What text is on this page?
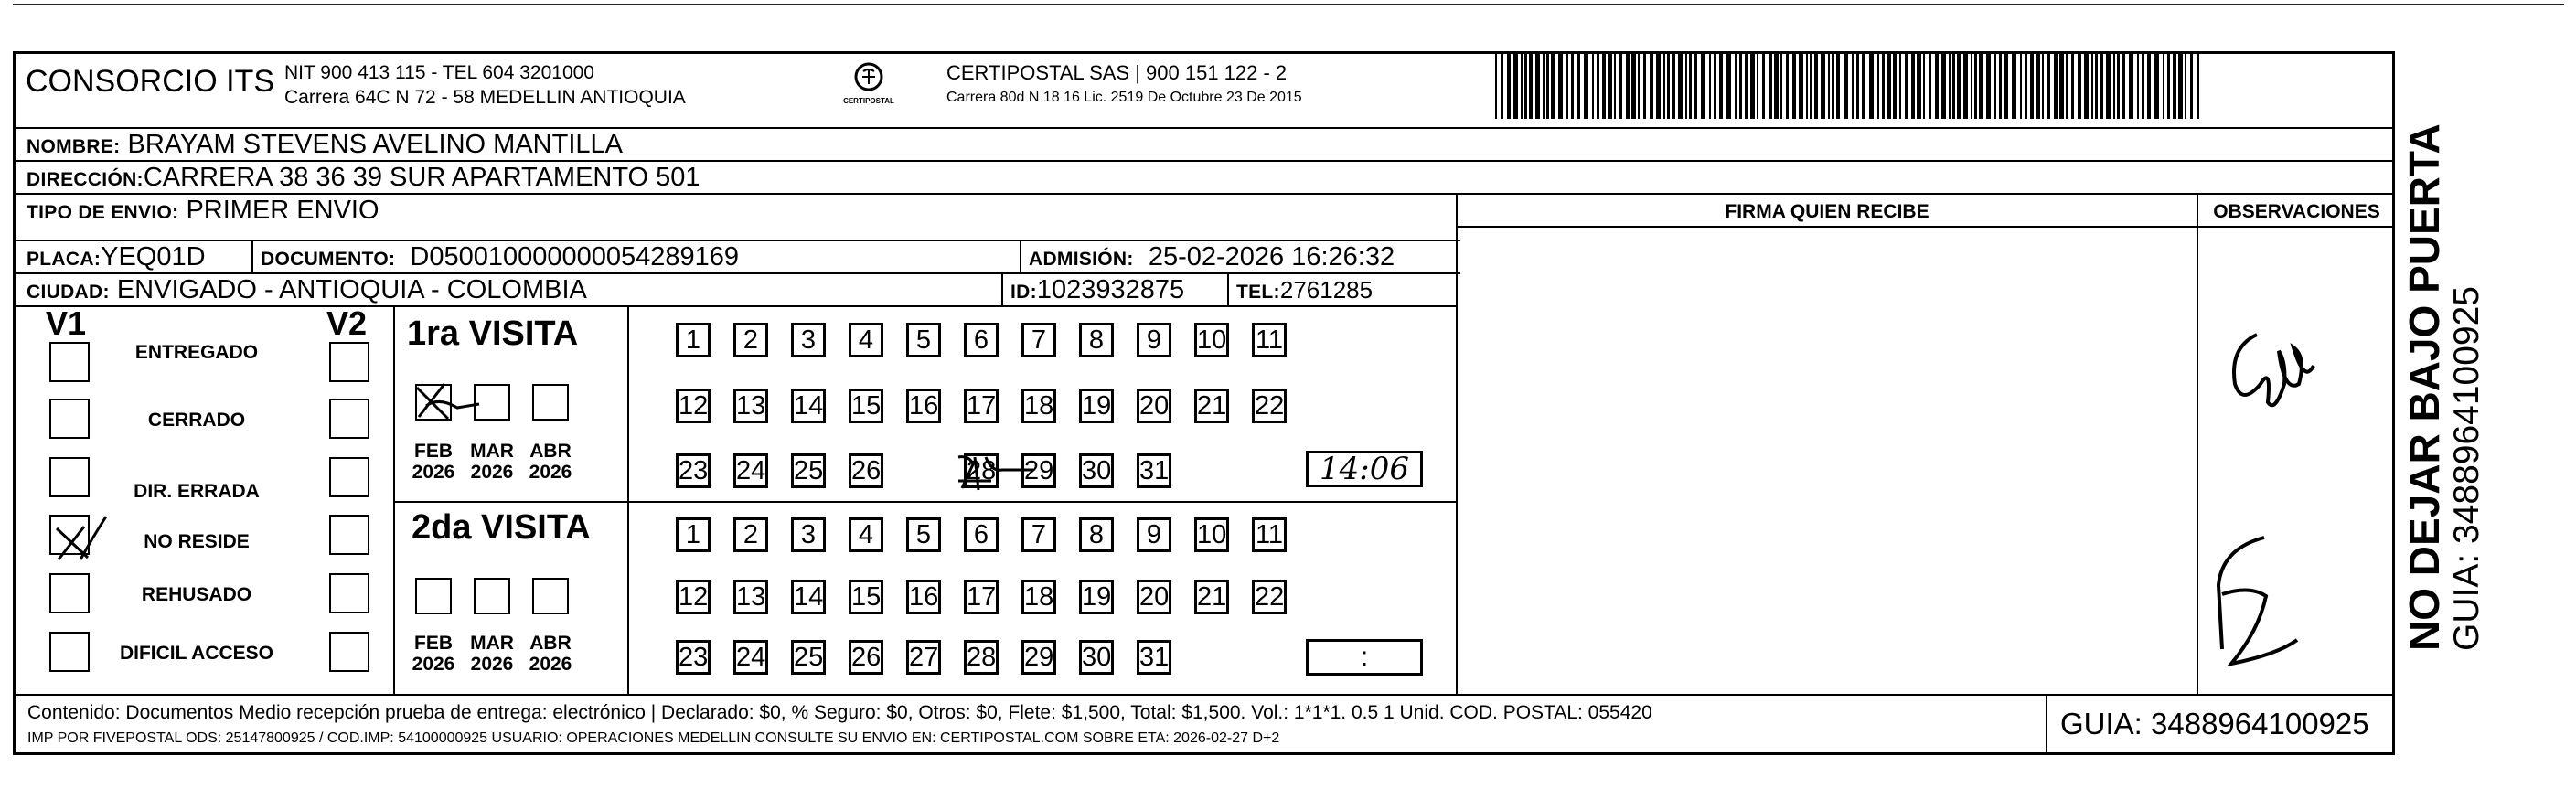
CONSORCIO ITS NIT 900 413 115 - TEL 604 3201000
Carrera 64C N 72 - 58 MEDELLIN ANTIOQUIA	CERTIPOSTAL
CERTIPOSTAL SAS | 900 151 122 - 2
Carrera 80d N 18 16 Lic. 2519 De Octubre 23 De 2015
NOMBRE: BRAYAM STEVENS AVELINO MANTILLA
DIRECCIÓN:CARRERA 38 36 39 SUR APARTAMENTO 501
TIPO DE ENVIO: PRIMER ENVIO
PLACA:YEQ01D	DOCUMENTO: D050010000000054289169	ADMISIÓN: 25-02-2026 16:26:32
CIUDAD: ENVIGADO - ANTIOQUIA - COLOMBIA	ID:1023932875	TEL:2761285
FIRMA QUIEN RECIBE	OBSERVACIONES
V1	V2
ENTREGADO
CERRADO
DIR. ERRADA
NO RESIDE
REHUSADO
DIFICIL ACCESO
1ra VISITA
2da VISITA
FEB
2026
MAR
2026
ABR
2026
FEB
2026
MAR
2026
ABR
2026
1	2	3	4	5	6	7	8	9	10 11
12 13 14 15 16 17 18 19 20 21 22
23 24 25 26	28 29 30 31
1	2	3	4	5	6	7	8	9	10 11
12 13 14 15 16 17 18 19 20 21 22
23 24 25 26 27 28 29 30 31
14:06
:
Contenido: Documentos Medio recepción prueba de entrega: electrónico | Declarado: $0, % Seguro: $0, Otros: $0, Flete: $1,500, Total: $1,500. Vol.: 1*1*1. 0.5 1 Unid. COD. POSTAL: 055420
IMP POR FIVEPOSTAL ODS: 25147800925 / COD.IMP: 54100000925 USUARIO: OPERACIONES MEDELLIN CONSULTE SU ENVIO EN: CERTIPOSTAL.COM SOBRE ETA: 2026-02-27 D+2	GUIA: 3488964100925
NO DEJAR BAJO PUERTA GUIA: 3488964100925
